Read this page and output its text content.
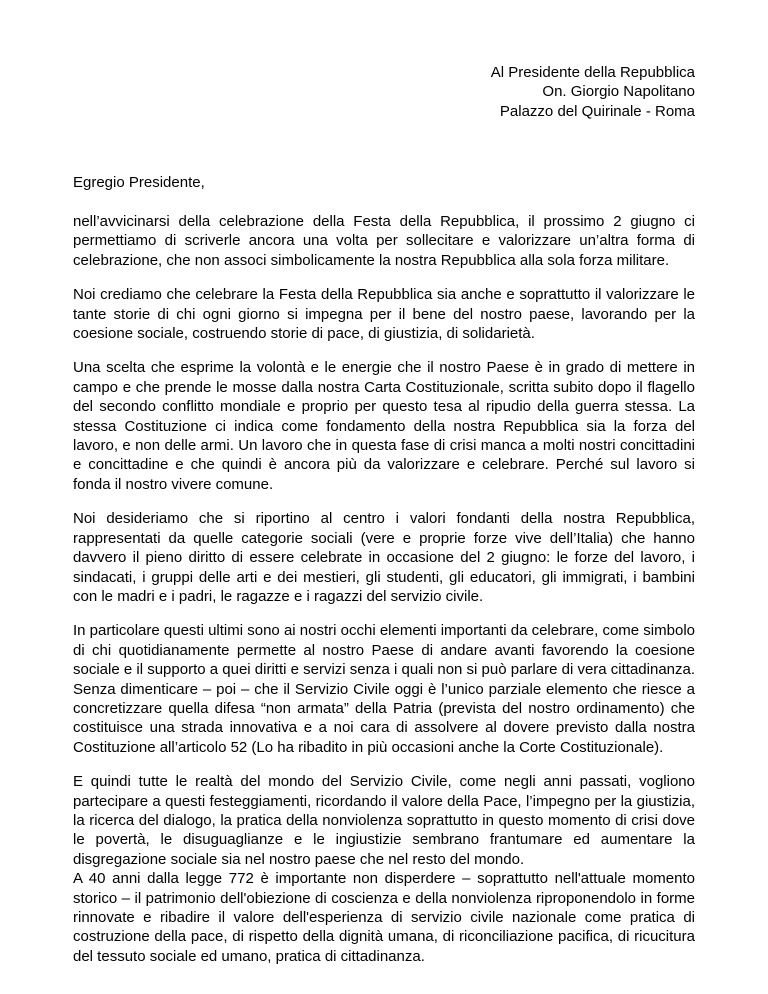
Al Presidente della Repubblica
On. Giorgio Napolitano
Palazzo del Quirinale - Roma
Egregio Presidente,

nell’avvicinarsi della celebrazione della Festa della Repubblica, il prossimo 2 giugno ci permettiamo di scriverle ancora una volta per sollecitare e valorizzare un’altra forma di celebrazione, che non associ simbolicamente la nostra Repubblica alla sola forza militare.

Noi crediamo che celebrare la Festa della Repubblica sia anche e soprattutto il valorizzare le tante storie di chi ogni giorno si impegna per il bene del nostro paese, lavorando per la coesione sociale, costruendo storie di pace, di giustizia, di solidarietà.

Una scelta che esprime la volontà e le energie che il nostro Paese è in grado di mettere in campo e che prende le mosse dalla nostra Carta Costituzionale, scritta subito dopo il flagello del secondo conflitto mondiale e proprio per questo tesa al ripudio della guerra stessa. La stessa Costituzione ci indica come fondamento della nostra Repubblica sia la forza del lavoro, e non delle armi. Un lavoro che in questa fase di crisi manca a molti nostri concittadini e concittadine e che quindi è ancora più da valorizzare e celebrare. Perché sul lavoro si fonda il nostro vivere comune.

Noi desideriamo che si riportino al centro i valori fondanti della nostra Repubblica, rappresentati da quelle categorie sociali (vere e proprie forze vive dell’Italia) che hanno davvero il pieno diritto di essere celebrate in occasione del 2 giugno: le forze del lavoro, i sindacati, i gruppi delle arti e dei mestieri, gli studenti, gli educatori, gli immigrati, i bambini con le madri e i padri, le ragazze e i ragazzi del servizio civile.

In particolare questi ultimi sono ai nostri occhi elementi importanti da celebrare, come simbolo di chi quotidianamente permette al nostro Paese di andare avanti favorendo la coesione sociale e il supporto a quei diritti e servizi senza i quali non si può parlare di vera cittadinanza. Senza dimenticare – poi – che il Servizio Civile oggi è l’unico parziale elemento che riesce a concretizzare quella difesa “non armata” della Patria (prevista del nostro ordinamento) che costituisce una strada innovativa e a noi cara di assolvere al dovere previsto dalla nostra Costituzione all’articolo 52 (Lo ha ribadito in più occasioni anche la Corte Costituzionale).

E quindi tutte le realtà del mondo del Servizio Civile, come negli anni passati, vogliono partecipare a questi festeggiamenti, ricordando il valore della Pace, l’impegno per la giustizia, la ricerca del dialogo, la pratica della nonviolenza soprattutto in questo momento di crisi dove le povertà, le disuguaglianze e le ingiustizie sembrano frantumare ed aumentare la disgregazione sociale sia nel nostro paese che nel resto del mondo.

A 40 anni dalla legge 772 è importante non disperdere – soprattutto nell'attuale momento storico – il patrimonio dell'obiezione di coscienza e della nonviolenza riproponendolo in forme rinnovate e ribadire il valore dell'esperienza di servizio civile nazionale come pratica di costruzione della pace, di rispetto della dignità umana, di riconciliazione pacifica, di ricucitura del tessuto sociale ed umano, pratica di cittadinanza.
